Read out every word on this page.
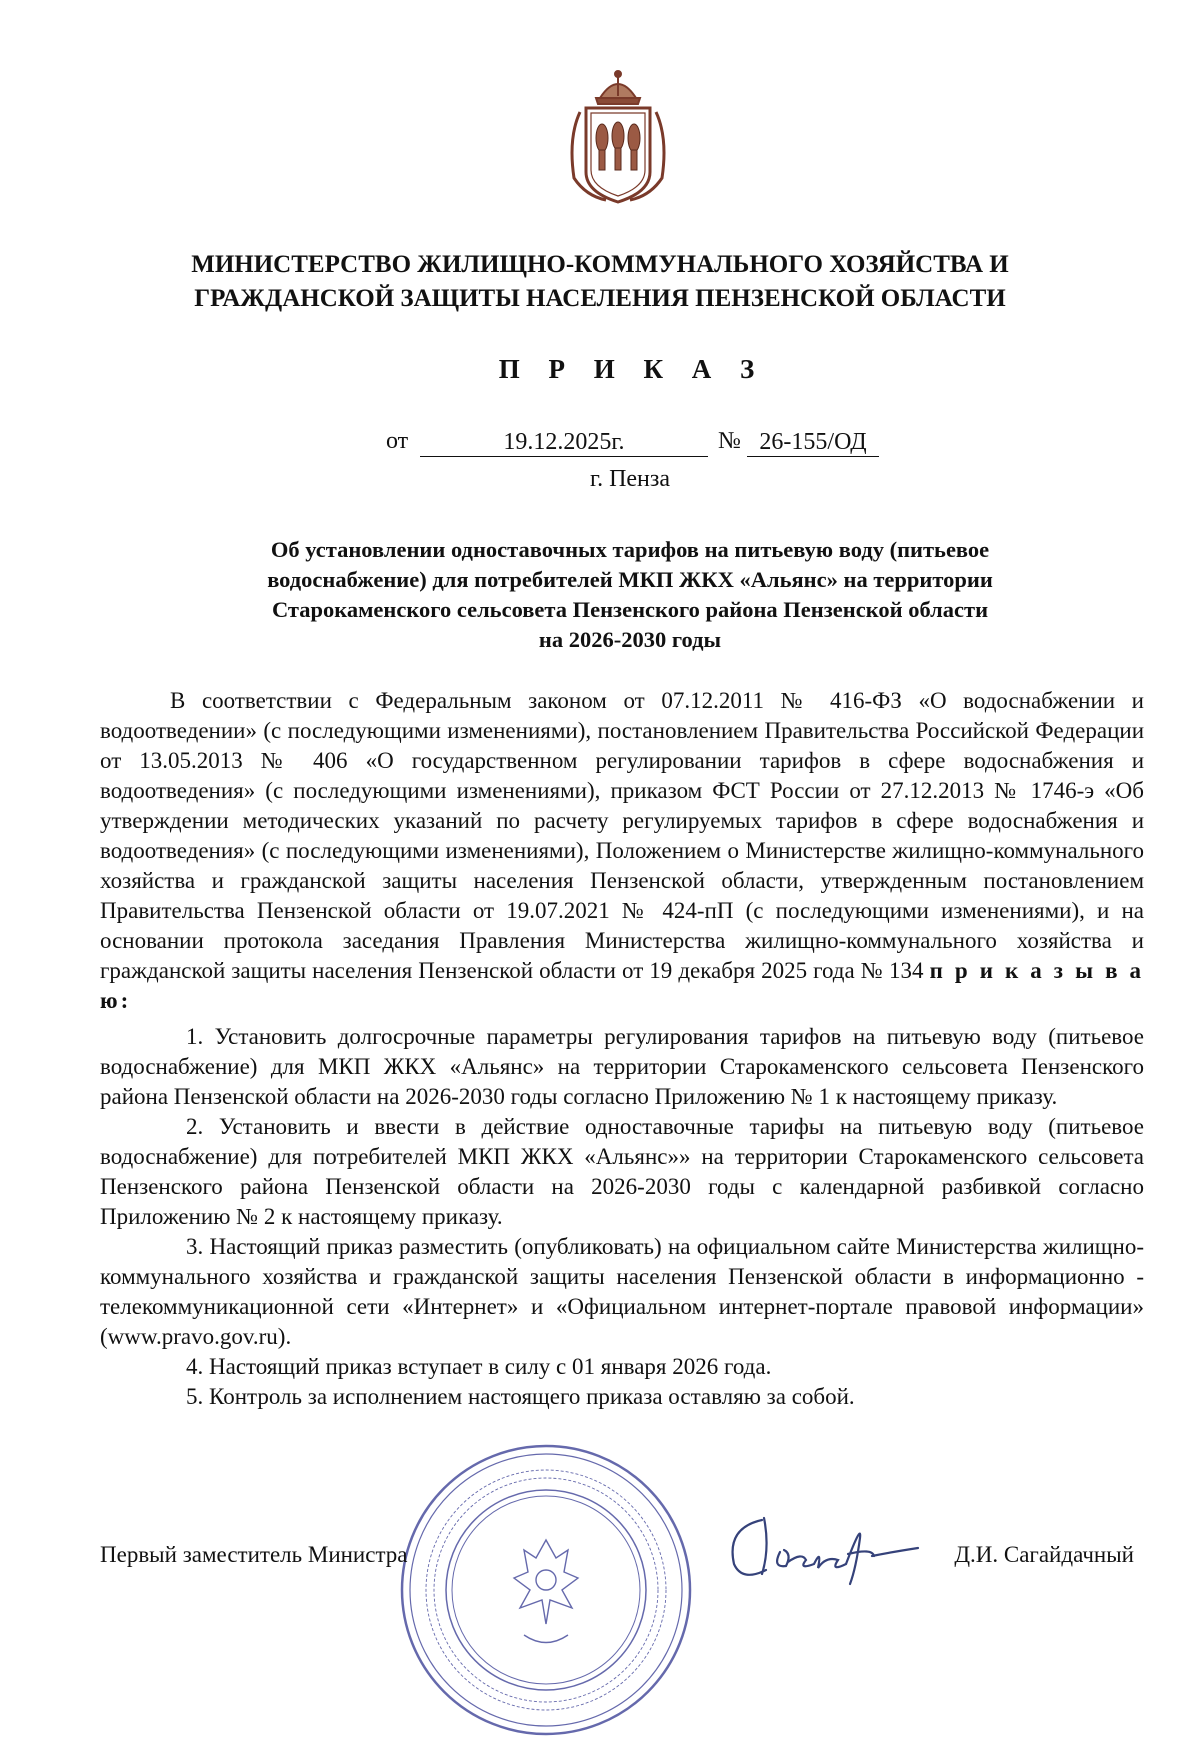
МИНИСТЕРСТВО ЖИЛИЩНО-КОММУНАЛЬНОГО ХОЗЯЙСТВА И
ГРАЖДАНСКОЙ ЗАЩИТЫ НАСЕЛЕНИЯ ПЕНЗЕНСКОЙ ОБЛАСТИ
П Р И К А З
от	19.12.2025г.	№ 26-155/ОД
г. Пенза
Об установлении одноставочных тарифов на питьевую воду (питьевое
водоснабжение) для потребителей МКП ЖКХ «Альянс» на территории
Старокаменского сельсовета Пензенского района Пензенской области
на 2026-2030 годы

В соответствии с Федеральным законом от 07.12.2011 № 416-ФЗ «О водоснабжении и водоотведении» (с последующими изменениями), постановлением Правительства Российской Федерации от 13.05.2013 № 406 «О государственном регулировании тарифов в сфере водоснабжения и водоотведения» (с последующими изменениями), приказом ФСТ России от 27.12.2013 № 1746-э «Об утверждении методических указаний по расчету регулируемых тарифов в сфере водоснабжения и водоотведения» (с последующими изменениями), Положением о Министерстве жилищно-коммунального хозяйства и гражданской защиты населения Пензенской области, утвержденным постановлением Правительства Пензенской области от 19.07.2021 № 424-пП (с последующими изменениями), и на основании протокола заседания Правления Министерства жилищно-коммунального хозяйства и гражданской защиты населения Пензенской области от 19 декабря 2025 года № 134 п р и к а з ы в а ю:

1. Установить долгосрочные параметры регулирования тарифов на питьевую воду (питьевое водоснабжение) для МКП ЖКХ «Альянс» на территории Старокаменского сельсовета Пензенского района Пензенской области на 2026-2030 годы согласно Приложению № 1 к настоящему приказу.

2. Установить и ввести в действие одноставочные тарифы на питьевую воду (питьевое водоснабжение) для потребителей МКП ЖКХ «Альянс»» на территории Старокаменского сельсовета Пензенского района Пензенской области на 2026-2030 годы с календарной разбивкой согласно Приложению № 2 к настоящему приказу.

3. Настоящий приказ разместить (опубликовать) на официальном сайте Министерства жилищно-коммунального хозяйства и гражданской защиты населения Пензенской области в информационно - телекоммуникационной сети «Интернет» и «Официальном интернет-портале правовой информации» (www.pravo.gov.ru).

4. Настоящий приказ вступает в силу с 01 января 2026 года.

5. Контроль за исполнением настоящего приказа оставляю за собой.

Первый заместитель Министра	Д.И. Сагайдачный
